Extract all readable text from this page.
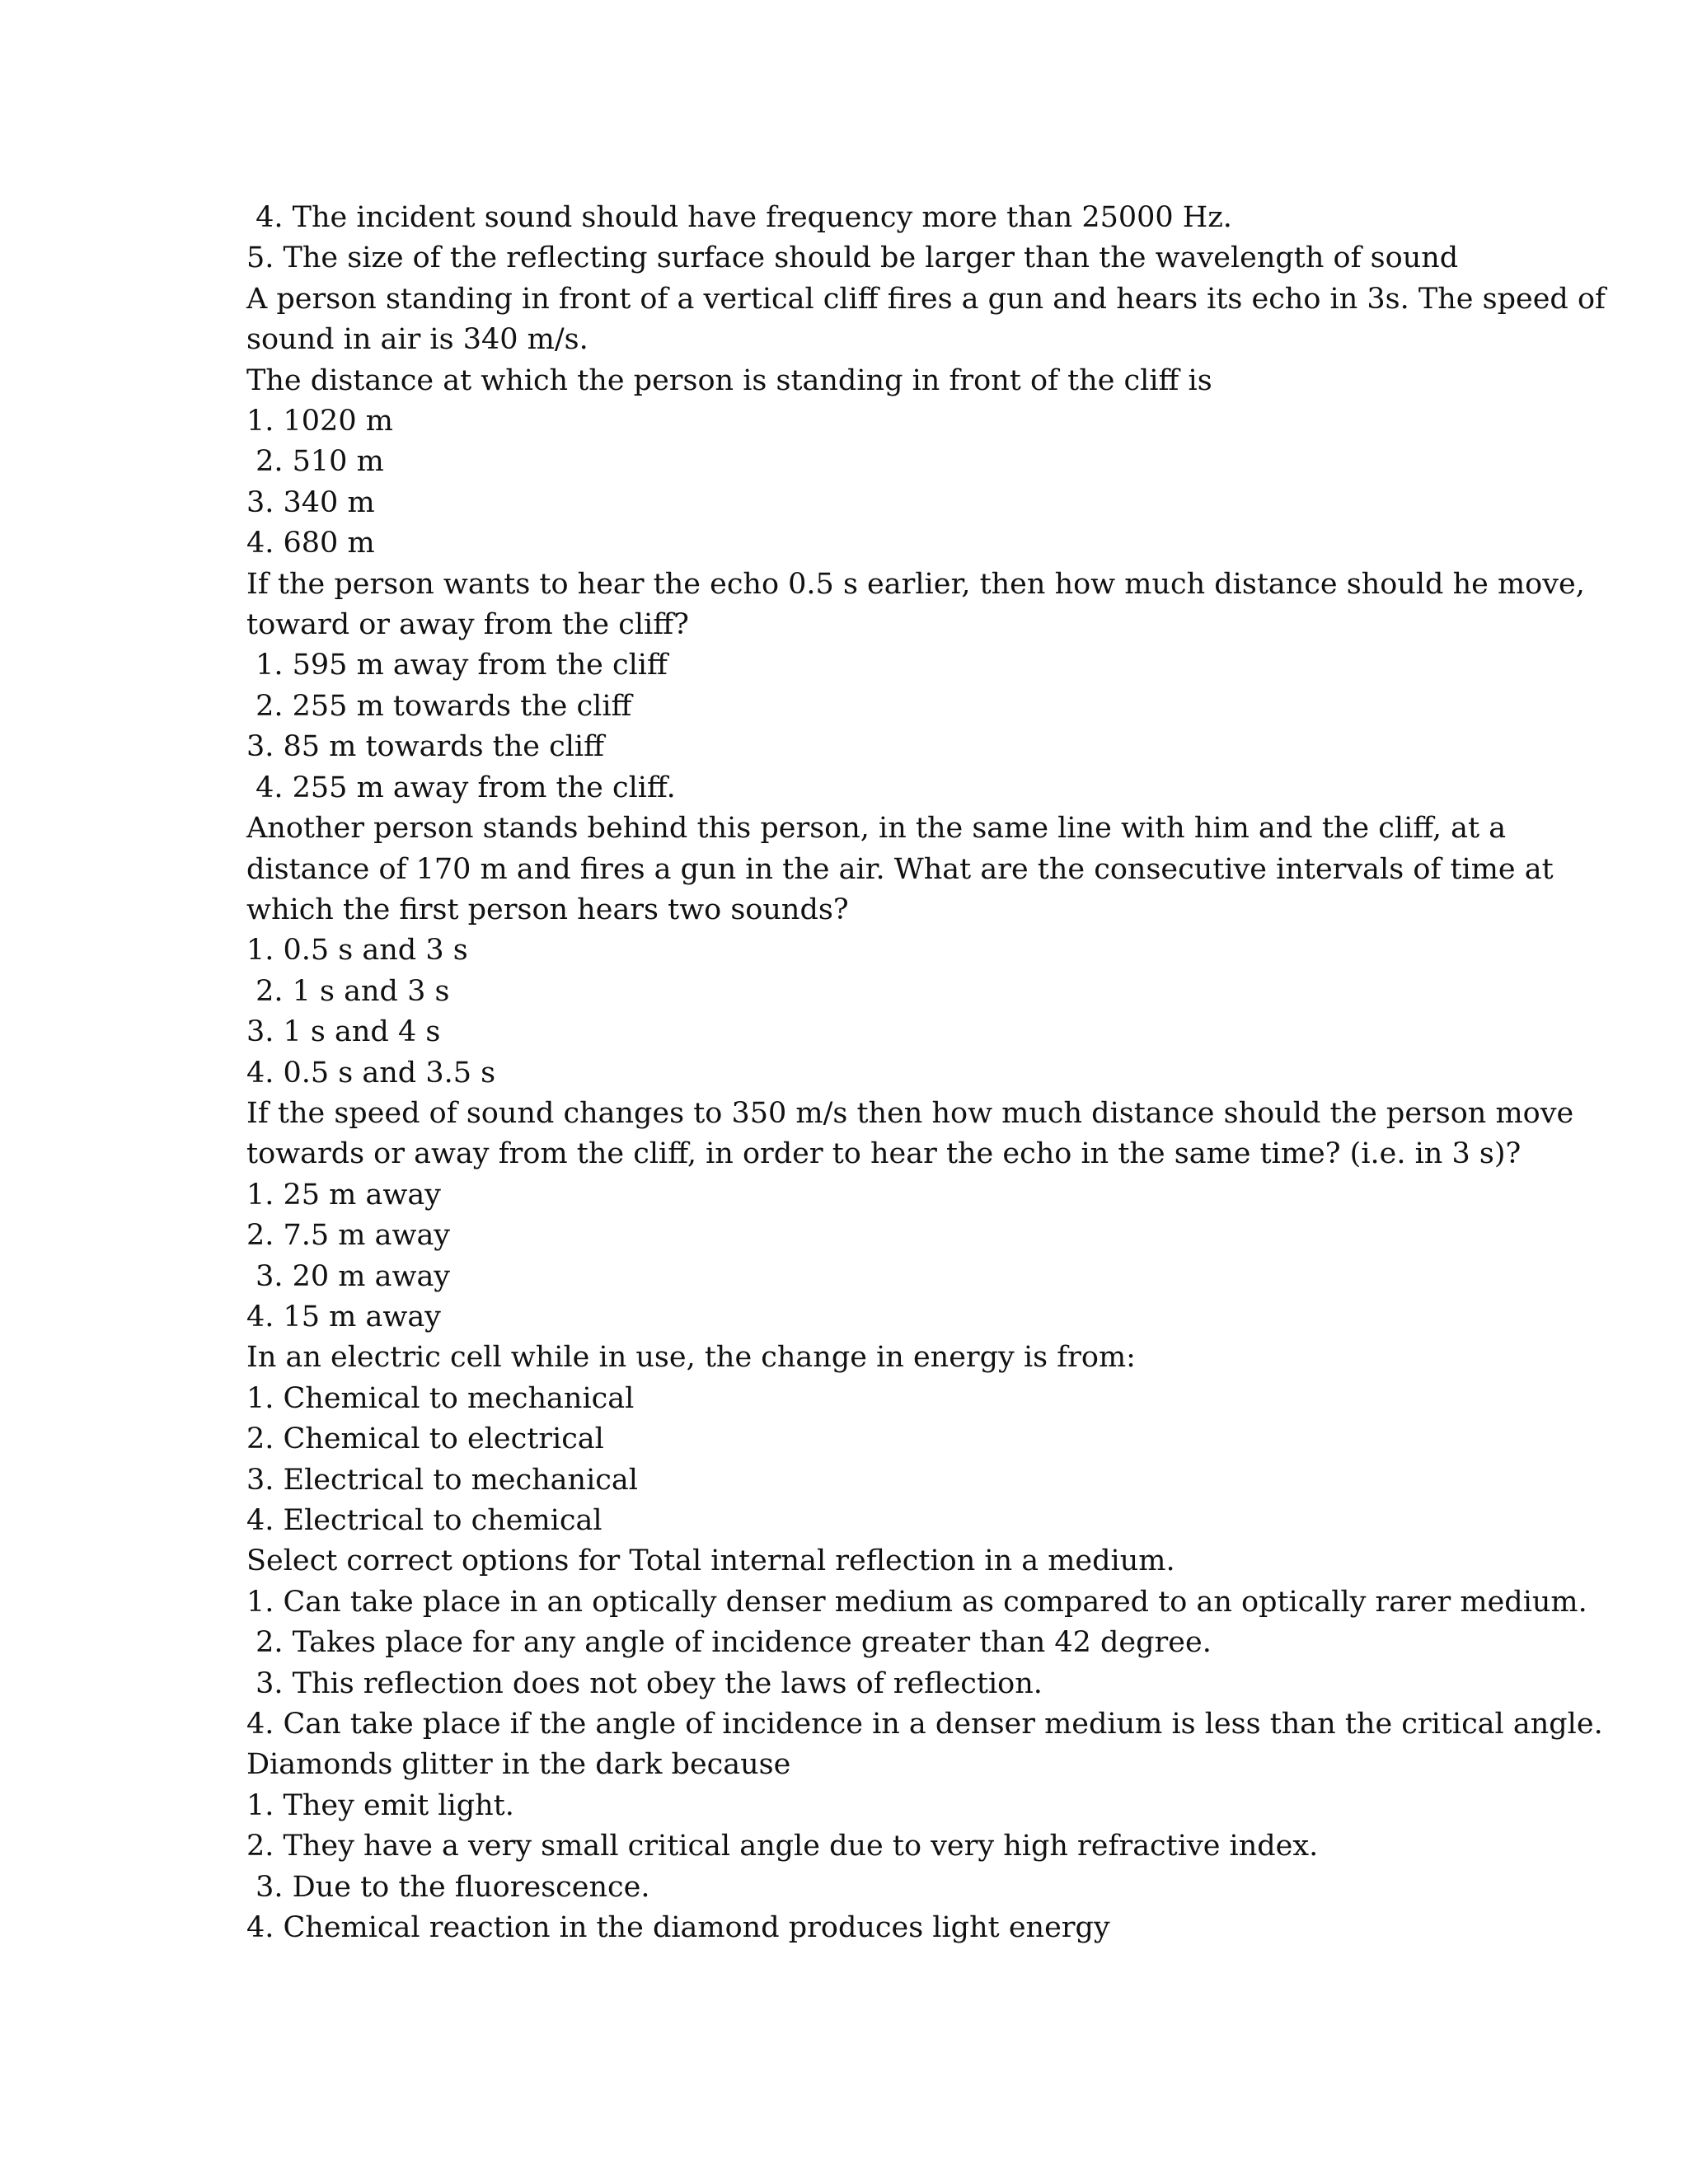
4. The incident sound should have frequency more than 25000 Hz.

5. The size of the reflecting surface should be larger than the wavelength of sound

A person standing in front of a vertical cliff fires a gun and hears its echo in 3s. The speed of

sound in air is 340 m/s.

The distance at which the person is standing in front of the cliff is

1. 1020 m

2. 510 m

3. 340 m

4. 680 m

If the person wants to hear the echo 0.5 s earlier, then how much distance should he move,

toward or away from the cliff?

1. 595 m away from the cliff

2. 255 m towards the cliff

3. 85 m towards the cliff

4. 255 m away from the cliff.

Another person stands behind this person, in the same line with him and the cliff, at a

distance of 170 m and fires a gun in the air. What are the consecutive intervals of time at

which the first person hears two sounds?

1. 0.5 s and 3 s

2. 1 s and 3 s

3. 1 s and 4 s

4. 0.5 s and 3.5 s

If the speed of sound changes to 350 m/s then how much distance should the person move

towards or away from the cliff, in order to hear the echo in the same time? (i.e. in 3 s)?

1. 25 m away

2. 7.5 m away

3. 20 m away

4. 15 m away

In an electric cell while in use, the change in energy is from:

1. Chemical to mechanical

2. Chemical to electrical

3. Electrical to mechanical

4. Electrical to chemical

Select correct options for Total internal reflection in a medium.

1. Can take place in an optically denser medium as compared to an optically rarer medium.

2. Takes place for any angle of incidence greater than 42 degree.

3. This reflection does not obey the laws of reflection.

4. Can take place if the angle of incidence in a denser medium is less than the critical angle.

Diamonds glitter in the dark because

1. They emit light.

2. They have a very small critical angle due to very high refractive index.

3. Due to the fluorescence.

4. Chemical reaction in the diamond produces light energy
